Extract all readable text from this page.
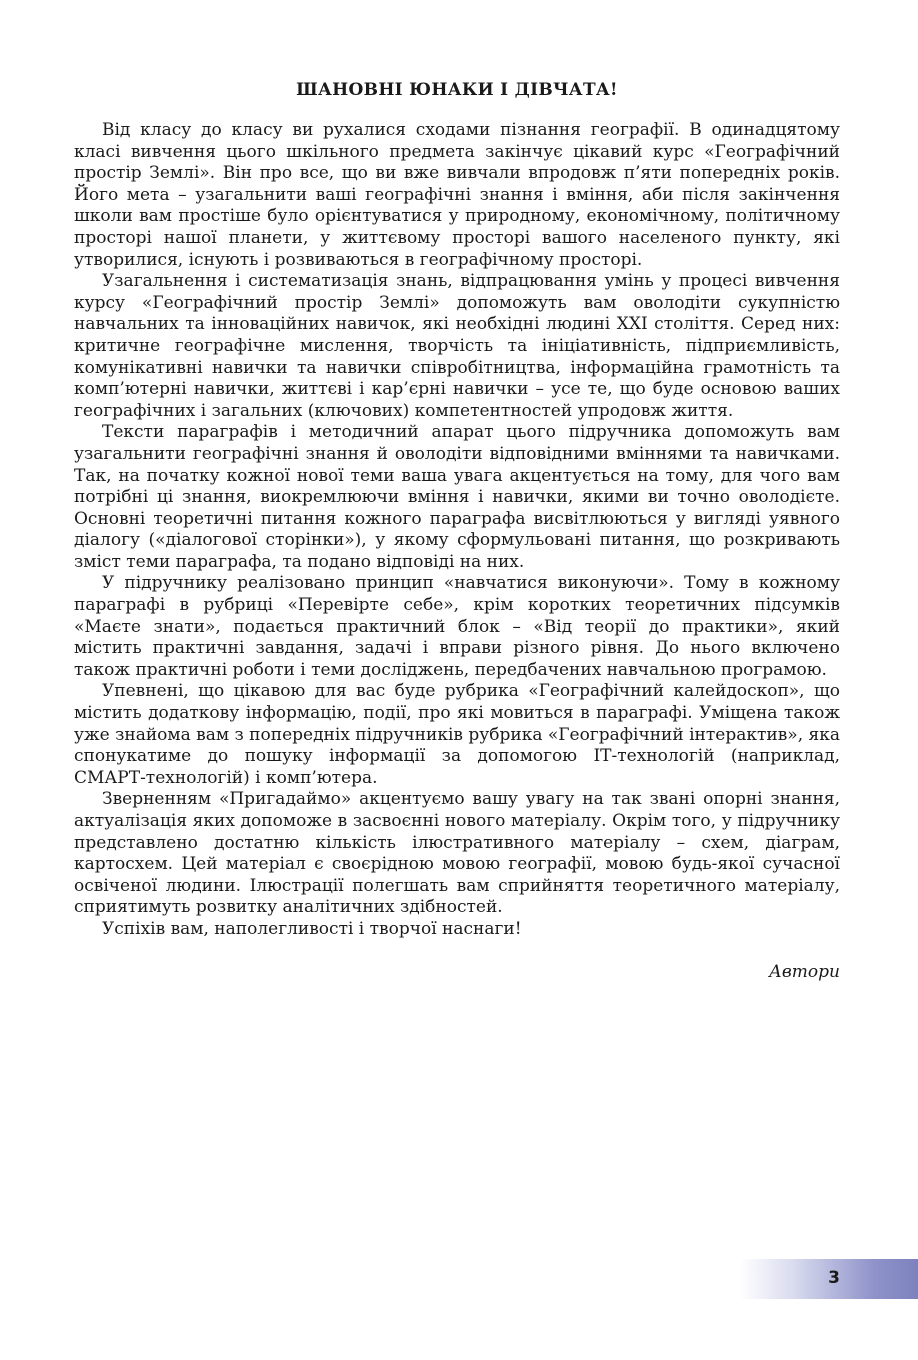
ШАНОВНІ ЮНАКИ І ДІВЧАТА!

Від класу до класу ви рухалися сходами пізнання географії. В одинадцятому класі вивчення цього шкільного предмета закінчує цікавий курс «Географічний простір Землі». Він про все, що ви вже вивчали впродовж п’яти попередніх років. Його мета – узагальнити ваші географічні знання і вміння, аби після закінчення школи вам простіше було орієнтуватися у природному, економічному, політичному просторі нашої планети, у життєвому просторі вашого населеного пункту, які утворилися, існують і розвиваються в географічному просторі.

Узагальнення і систематизація знань, відпрацювання умінь у процесі вивчення курсу «Географічний простір Землі» допоможуть вам оволодіти сукупністю навчальних та інноваційних навичок, які необхідні людині XXI століття. Серед них: критичне географічне мислення, творчість та ініціативність, підприємливість, комунікативні навички та навички співробітництва, інформаційна грамотність та комп’ютерні навички, життєві і кар’єрні навички – усе те, що буде основою ваших географічних і загальних (ключових) компетентностей упродовж життя.

Тексти параграфів і методичний апарат цього підручника допоможуть вам узагальнити географічні знання й оволодіти відповідними вміннями та навичками. Так, на початку кожної нової теми ваша увага акцентується на тому, для чого вам потрібні ці знання, виокремлюючи вміння і навички, якими ви точно оволодієте. Основні теоретичні питання кожного параграфа висвітлюються у вигляді уявного діалогу («діалогової сторінки»), у якому сформульовані питання, що розкривають зміст теми параграфа, та подано відповіді на них.

У підручнику реалізовано принцип «навчатися виконуючи». Тому в кожному параграфі в рубриці «Перевірте себе», крім коротких теоретичних підсумків «Маєте знати», подається практичний блок – «Від теорії до практики», який містить практичні завдання, задачі і вправи різного рівня. До нього включено також практичні роботи і теми досліджень, передбачених навчальною програмою.

Упевнені, що цікавою для вас буде рубрика «Географічний калейдоскоп», що містить додаткову інформацію, події, про які мовиться в параграфі. Уміщена також уже знайома вам з попередніх підручників рубрика «Географічний інтерактив», яка спонукатиме до пошуку інформації за допомогою ІТ-технологій (наприклад, СМАРТ-технологій) і комп’ютера.

Зверненням «Пригадаймо» акцентуємо вашу увагу на так звані опорні знання, актуалізація яких допоможе в засвоєнні нового матеріалу. Окрім того, у підручнику представлено достатню кількість ілюстративного матеріалу – схем, діаграм, картосхем. Цей матеріал є своєрідною мовою географії, мовою будь-якої сучасної освіченої людини. Ілюстрації полегшать вам сприйняття теоретичного матеріалу, сприятимуть розвитку аналітичних здібностей.

Успіхів вам, наполегливості і творчої наснаги!

Автори
3
